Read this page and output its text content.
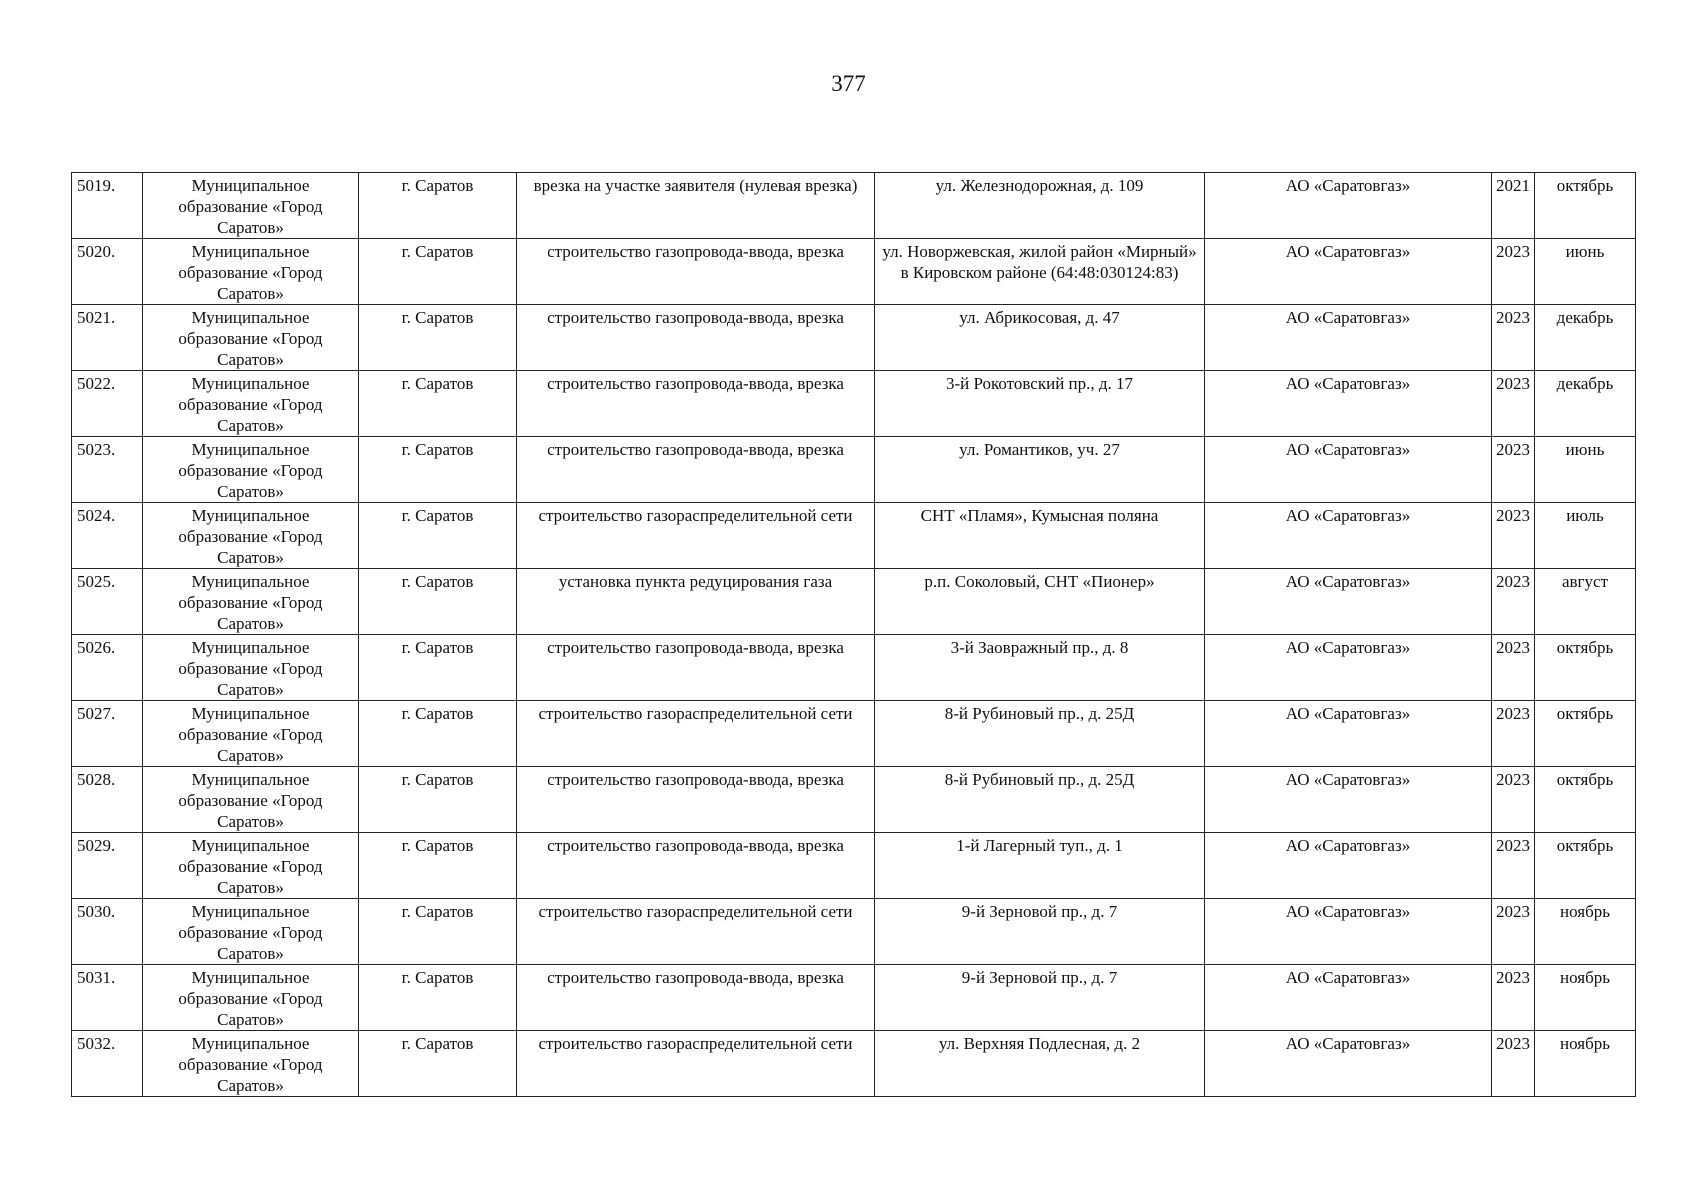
377
5019.	Муниципальное образование «Город Саратов»	г. Саратов	врезка на участке заявителя (нулевая врезка)	ул. Железнодорожная, д. 109	АО «Саратовгаз»	2021	октябрь
5020.	Муниципальное образование «Город Саратов»	г. Саратов	строительство газопровода-ввода, врезка	ул. Новоржевская, жилой район «Мирный» в Кировском районе (64:48:030124:83)	АО «Саратовгаз»	2023	июнь
5021.	Муниципальное образование «Город Саратов»	г. Саратов	строительство газопровода-ввода, врезка	ул. Абрикосовая, д. 47	АО «Саратовгаз»	2023	декабрь
5022.	Муниципальное образование «Город Саратов»	г. Саратов	строительство газопровода-ввода, врезка	3-й Рокотовский пр., д. 17	АО «Саратовгаз»	2023	декабрь
5023.	Муниципальное образование «Город Саратов»	г. Саратов	строительство газопровода-ввода, врезка	ул. Романтиков, уч. 27	АО «Саратовгаз»	2023	июнь
5024.	Муниципальное образование «Город Саратов»	г. Саратов	строительство газораспределительной сети	СНТ «Пламя», Кумысная поляна	АО «Саратовгаз»	2023	июль
5025.	Муниципальное образование «Город Саратов»	г. Саратов	установка пункта редуцирования газа	р.п. Соколовый, СНТ «Пионер»	АО «Саратовгаз»	2023	август
5026.	Муниципальное образование «Город Саратов»	г. Саратов	строительство газопровода-ввода, врезка	3-й Заовражный пр., д. 8	АО «Саратовгаз»	2023	октябрь
5027.	Муниципальное образование «Город Саратов»	г. Саратов	строительство газораспределительной сети	8-й Рубиновый пр., д. 25Д	АО «Саратовгаз»	2023	октябрь
5028.	Муниципальное образование «Город Саратов»	г. Саратов	строительство газопровода-ввода, врезка	8-й Рубиновый пр., д. 25Д	АО «Саратовгаз»	2023	октябрь
5029.	Муниципальное образование «Город Саратов»	г. Саратов	строительство газопровода-ввода, врезка	1-й Лагерный туп., д. 1	АО «Саратовгаз»	2023	октябрь
5030.	Муниципальное образование «Город Саратов»	г. Саратов	строительство газораспределительной сети	9-й Зерновой пр., д. 7	АО «Саратовгаз»	2023	ноябрь
5031.	Муниципальное образование «Город Саратов»	г. Саратов	строительство газопровода-ввода, врезка	9-й Зерновой пр., д. 7	АО «Саратовгаз»	2023	ноябрь
5032.	Муниципальное образование «Город Саратов»	г. Саратов	строительство газораспределительной сети	ул. Верхняя Подлесная, д. 2	АО «Саратовгаз»	2023	ноябрь
